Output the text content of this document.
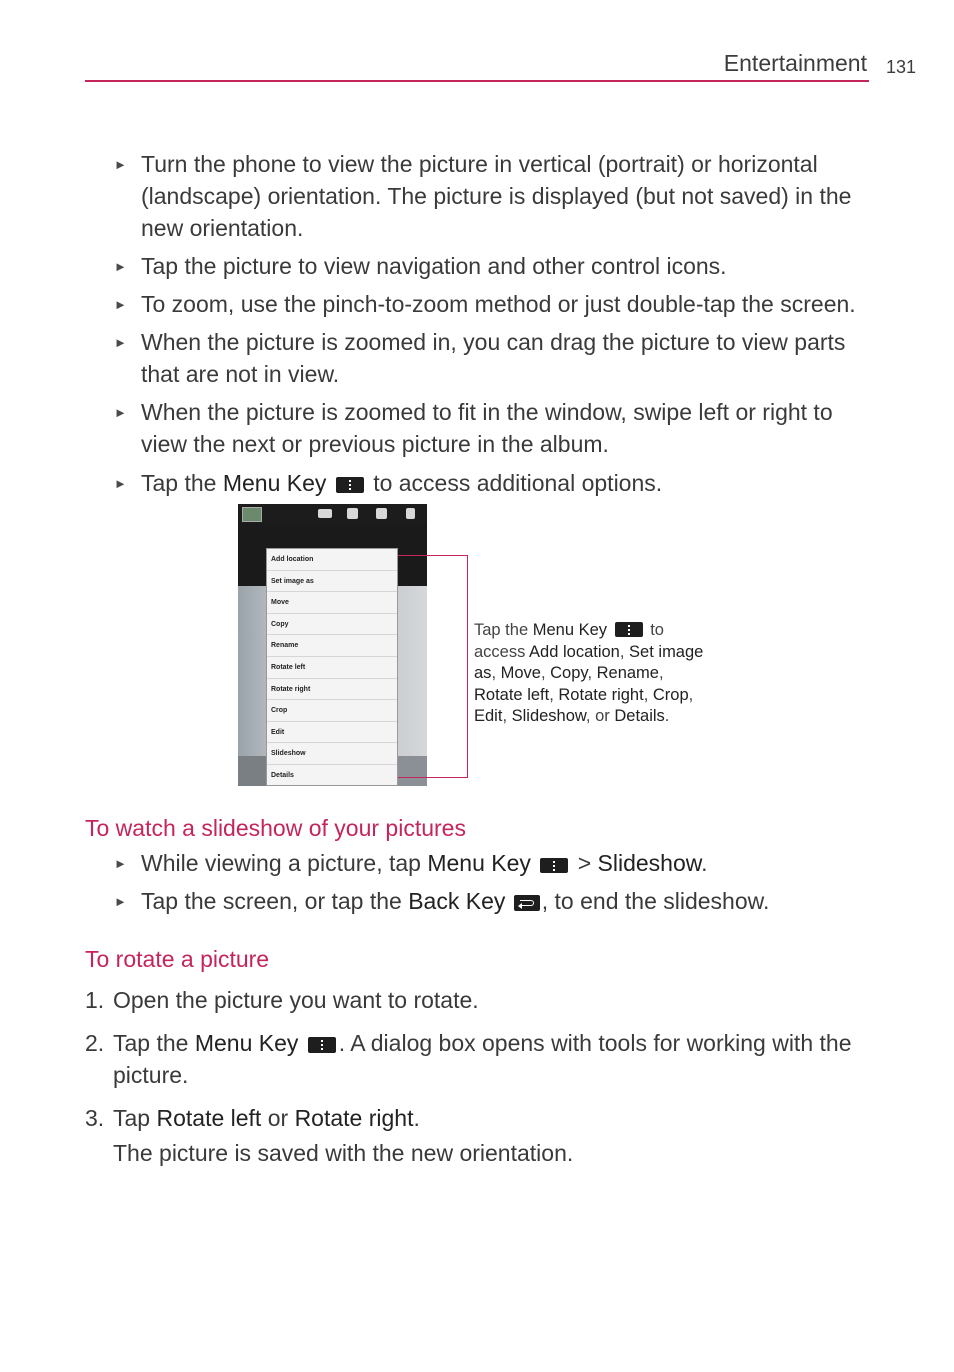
Entertainment 131
► Turn the phone to view the picture in vertical (portrait) or horizontal (landscape) orientation. The picture is displayed (but not saved) in the new orientation.
► Tap the picture to view navigation and other control icons.
► To zoom, use the pinch-to-zoom method or just double-tap the screen.
► When the picture is zoomed in, you can drag the picture to view parts that are not in view.
► When the picture is zoomed to fit in the window, swipe left or right to view the next or previous picture in the album.
► Tap the Menu Key to access additional options.
Add location
Set image as
Move
Copy
Rename
Rotate left
Rotate right
Crop
Edit
Slideshow
Details
Tap the Menu Key	to access Add location, Set image as, Move, Copy, Rename, Rotate left, Rotate right, Crop, Edit, Slideshow, or Details.
To watch a slideshow of your pictures
► While viewing a picture, tap Menu Key > Slideshow.
► Tap the screen, or tap the Back Key , to end the slideshow.
To rotate a picture
1. Open the picture you want to rotate.
2. Tap the Menu Key . A dialog box opens with tools for working with the picture.
3. Tap Rotate left or Rotate right.
The picture is saved with the new orientation.
